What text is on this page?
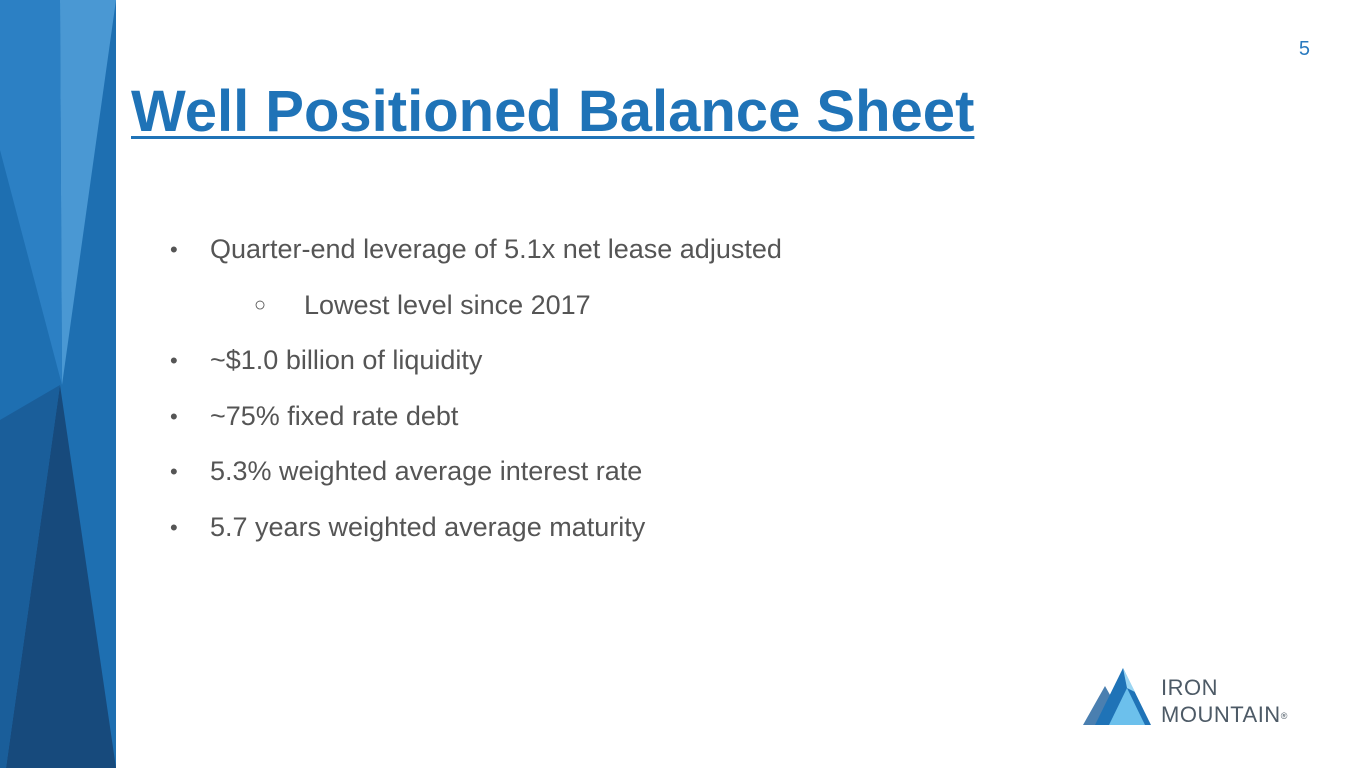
5
Well Positioned Balance Sheet
•	Quarter-end leverage of 5.1x net lease adjusted
○ Lowest level since 2017
•	~$1.0 billion of liquidity
•	~75% fixed rate debt
•	5.3% weighted average interest rate
•	5.7 years weighted average maturity
IRON
MOUNTAIN®
